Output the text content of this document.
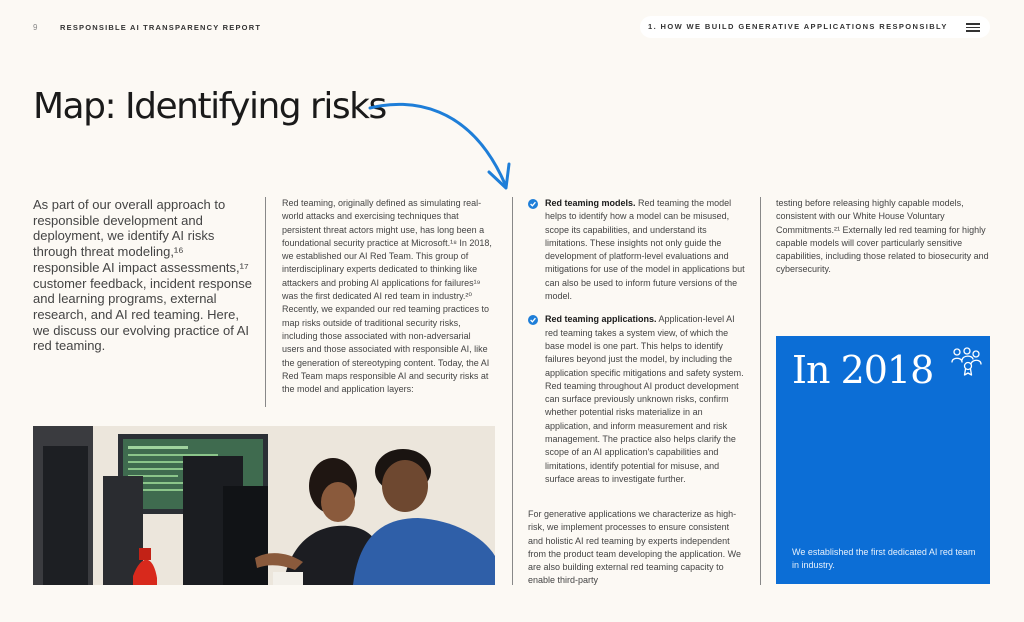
9	RESPONSIBLE AI TRANSPARENCY REPORT	1. HOW WE BUILD GENERATIVE APPLICATIONS RESPONSIBLY
Map: Identifying risks
As part of our overall approach to responsible development and deployment, we identify AI risks through threat modeling,¹⁶ responsible AI impact assessments,¹⁷ customer feedback, incident response and learning programs, external research, and AI red teaming. Here, we discuss our evolving practice of AI red teaming.
Red teaming, originally defined as simulating real-world attacks and exercising techniques that persistent threat actors might use, has long been a foundational security practice at Microsoft.¹⁸ In 2018, we established our AI Red Team. This group of interdisciplinary experts dedicated to thinking like attackers and probing AI applications for failures¹⁹ was the first dedicated AI red team in industry.²⁰ Recently, we expanded our red teaming practices to map risks outside of traditional security risks, including those associated with non-adversarial users and those associated with responsible AI, like the generation of stereotyping content. Today, the AI Red Team maps responsible AI and security risks at the model and application layers:
Red teaming models. Red teaming the model helps to identify how a model can be misused, scope its capabilities, and understand its limitations. These insights not only guide the development of platform-level evaluations and mitigations for use of the model in applications but can also be used to inform future versions of the model.
Red teaming applications. Application-level AI red teaming takes a system view, of which the base model is one part. This helps to identify failures beyond just the model, by including the application specific mitigations and safety system. Red teaming throughout AI product development can surface previously unknown risks, confirm whether potential risks materialize in an application, and inform measurement and risk management. The practice also helps clarify the scope of an AI application's capabilities and limitations, identify potential for misuse, and surface areas to investigate further.
For generative applications we characterize as high-risk, we implement processes to ensure consistent and holistic AI red teaming by experts independent from the product team developing the application. We are also building external red teaming capacity to enable third-party
testing before releasing highly capable models, consistent with our White House Voluntary Commitments.²¹ Externally led red teaming for highly capable models will cover particularly sensitive capabilities, including those related to biosecurity and cybersecurity.
In 2018
We established the first dedicated AI red team in industry.
